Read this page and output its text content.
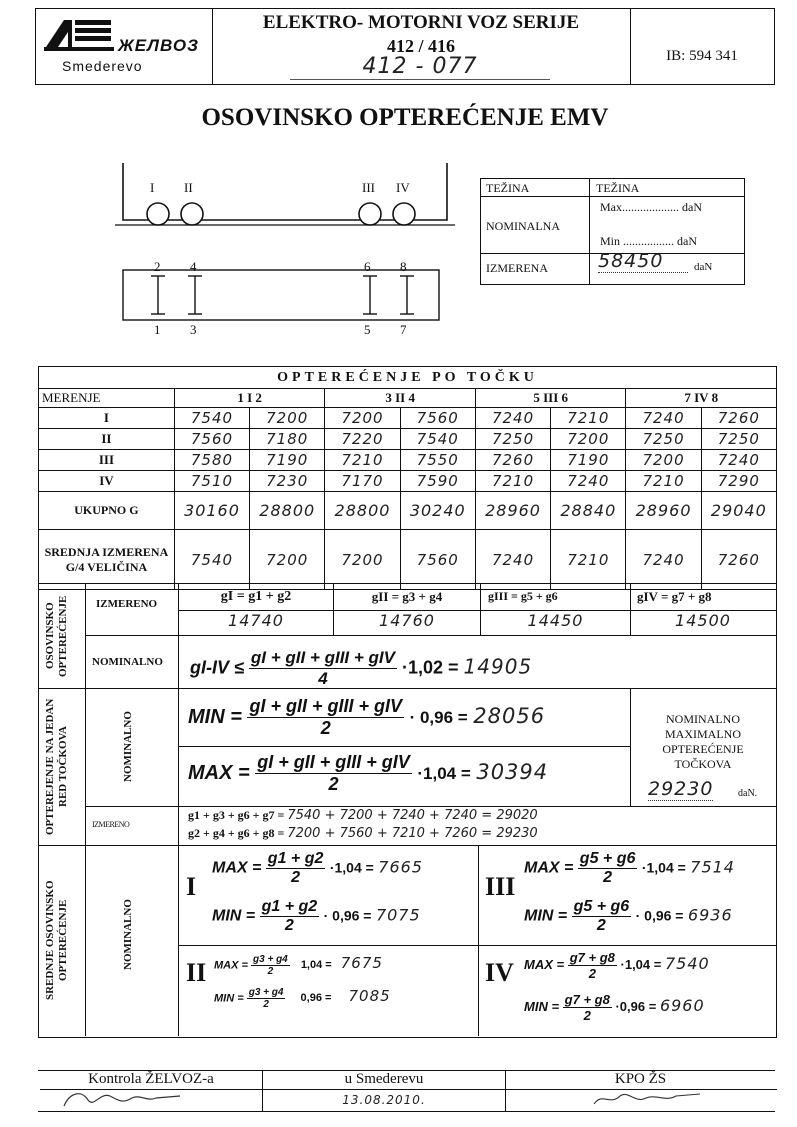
ЖЕЛВОЗ
Smederevo
ELEKTRO- MOTORNI VOZ SERIJE
412 / 416
412 - 077	IB: 594 341
OSOVINSKO OPTEREĆENJE EMV
I II	III IV
2 4	6 8
1 3	5 7
TEŽINA	TEŽINA
NOMINALNA
Max................... daN
Min ................. daN
IZMERENA	58450	daN
OPTEREĆENJE PO TOČKU								
MERENJE	1 I 2		3 II 4		5 III 6		7 IV 8	
I	7540	7200	7200	7560	7240	7210	7240	7260
II	7560	7180	7220	7540	7250	7200	7250	7250
III	7580	7190	7210	7550	7260	7190	7200	7240
IV	7510	7230	7170	7590	7210	7240	7210	7290
UKUPNO G	30160	28800	28800	30240	28960	28840	28960	29040
SREDNJA IZMERENA G/4 VELIČINA	7540	7200	7200	7560	7240	7210	7240	7260
OSOVINSKO OPTEREĆENJE	IZMERENO	gI = g1 + g2	gII = g3 + g4	gIII = g5 + g6	gIV = g7 + g8
14740	14760	14450	14500
NOMINALNO $gI-IV \le \frac{\text{gI + gII + gIII + gIV}}{4} \cdot 1,02 = 14905$
OPTEREJENJE NA JEDAN RED TOČKOVA	NOMINALNO	MIN = $\frac{\text{gI + gII + gIII + gIV}}{2} \cdot 0,96 = 28056$
MAX = $\frac{\text{gI + gII + gIII + gIV}}{2} \cdot 1,04 = 30394$
NOMINALNO MAXIMALNO OPTEREĆENJE TOČKOVA
29230 daN.
IZMERENO
g1 + g3 + g6 + g7 = 7540 + 7200 + 7240 + 7240 = 29020
g2 + g4 + g6 + g8 = 7200 + 7560 + 7210 + 7260 = 29230
SREDNJE OSOVINSKO OPTEREĆENJE	NOMINALNO
I
MAX = $\frac{g1 + g2}{2} \cdot 1,04 = 7665$
MIN = $\frac{g1 + g2}{2} \cdot 0,96 = 7075$
III
MAX = $\frac{g5 + g6}{2} \cdot 1,04 = 7514$
MIN = $\frac{g5 + g6}{2} \cdot 0,96 = 6936$
II MAX = $\frac{g3 + g4}{2} 1,04 = 7675$
MIN = $\frac{g3 + g4}{2} 0,96 = 7085$
IV MAX = $\frac{g7 + g8}{2} \cdot 1,04 = 7540$
MIN = $\frac{g7 + g8}{2} \cdot 0,96 = 6960$
Kontrola ŽELVOZ-a	u Smederevu	KPO ŽS
13.08.2010.
